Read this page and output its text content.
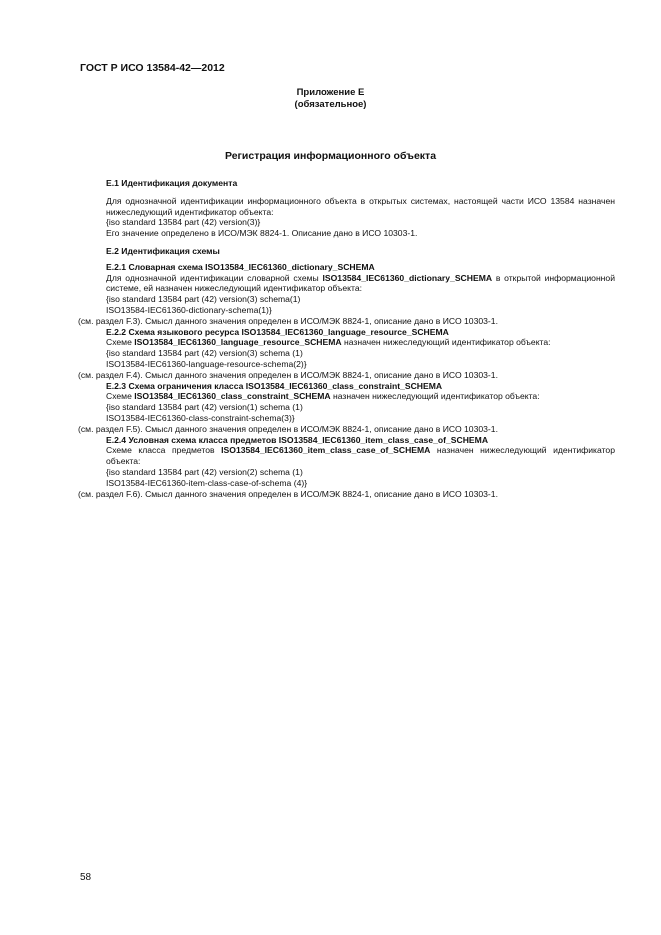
ГОСТ Р ИСО 13584-42—2012
Приложение Е
(обязательное)
Регистрация информационного объекта

Е.1 Идентификация документа

Для однозначной идентификации информационного объекта в открытых системах, настоящей части ИСО 13584 назначен нижеследующий идентификатор объекта:

{iso standard 13584 part (42) version(3)}

Его значение определено в ИСО/МЭК 8824-1. Описание дано в ИСО 10303-1.

Е.2 Идентификация схемы

Е.2.1 Словарная схема ISO13584_IEC61360_dictionary_SCHEMA

Для однозначной идентификации словарной схемы ISO13584_IEC61360_dictionary_SCHEMA в открытой информационной системе, ей назначен нижеследующий идентификатор объекта:

{iso standard 13584 part (42) version(3) schema(1)

ISO13584-IEC61360-dictionary-schema(1)}

(см. раздел F.3). Смысл данного значения определен в ИСО/МЭК 8824-1, описание дано в ИСО 10303-1.

Е.2.2 Схема языкового ресурса ISO13584_IEC61360_language_resource_SCHEMA

Схеме ISO13584_IEC61360_language_resource_SCHEMA назначен нижеследующий идентификатор объекта:

{iso standard 13584 part (42) version(3) schema (1)

ISO13584-IEC61360-language-resource-schema(2)}

(см. раздел F.4). Смысл данного значения определен в ИСО/МЭК 8824-1, описание дано в ИСО 10303-1.

Е.2.3 Схема ограничения класса ISO13584_IEC61360_class_constraint_SCHEMA

Схеме ISO13584_IEC61360_class_constraint_SCHEMA назначен нижеследующий идентификатор объекта:

{iso standard 13584 part (42) version(1) schema (1)

ISO13584-IEC61360-class-constraint-schema(3)}

(см. раздел F.5). Смысл данного значения определен в ИСО/МЭК 8824-1, описание дано в ИСО 10303-1.

Е.2.4 Условная схема класса предметов ISO13584_IEC61360_item_class_case_of_SCHEMA

Схеме класса предметов ISO13584_IEC61360_item_class_case_of_SCHEMA назначен нижеследующий идентификатор объекта:

{iso standard 13584 part (42) version(2) schema (1)

ISO13584-IEC61360-item-class-case-of-schema (4)}

(см. раздел F.6). Смысл данного значения определен в ИСО/МЭК 8824-1, описание дано в ИСО 10303-1.

58
